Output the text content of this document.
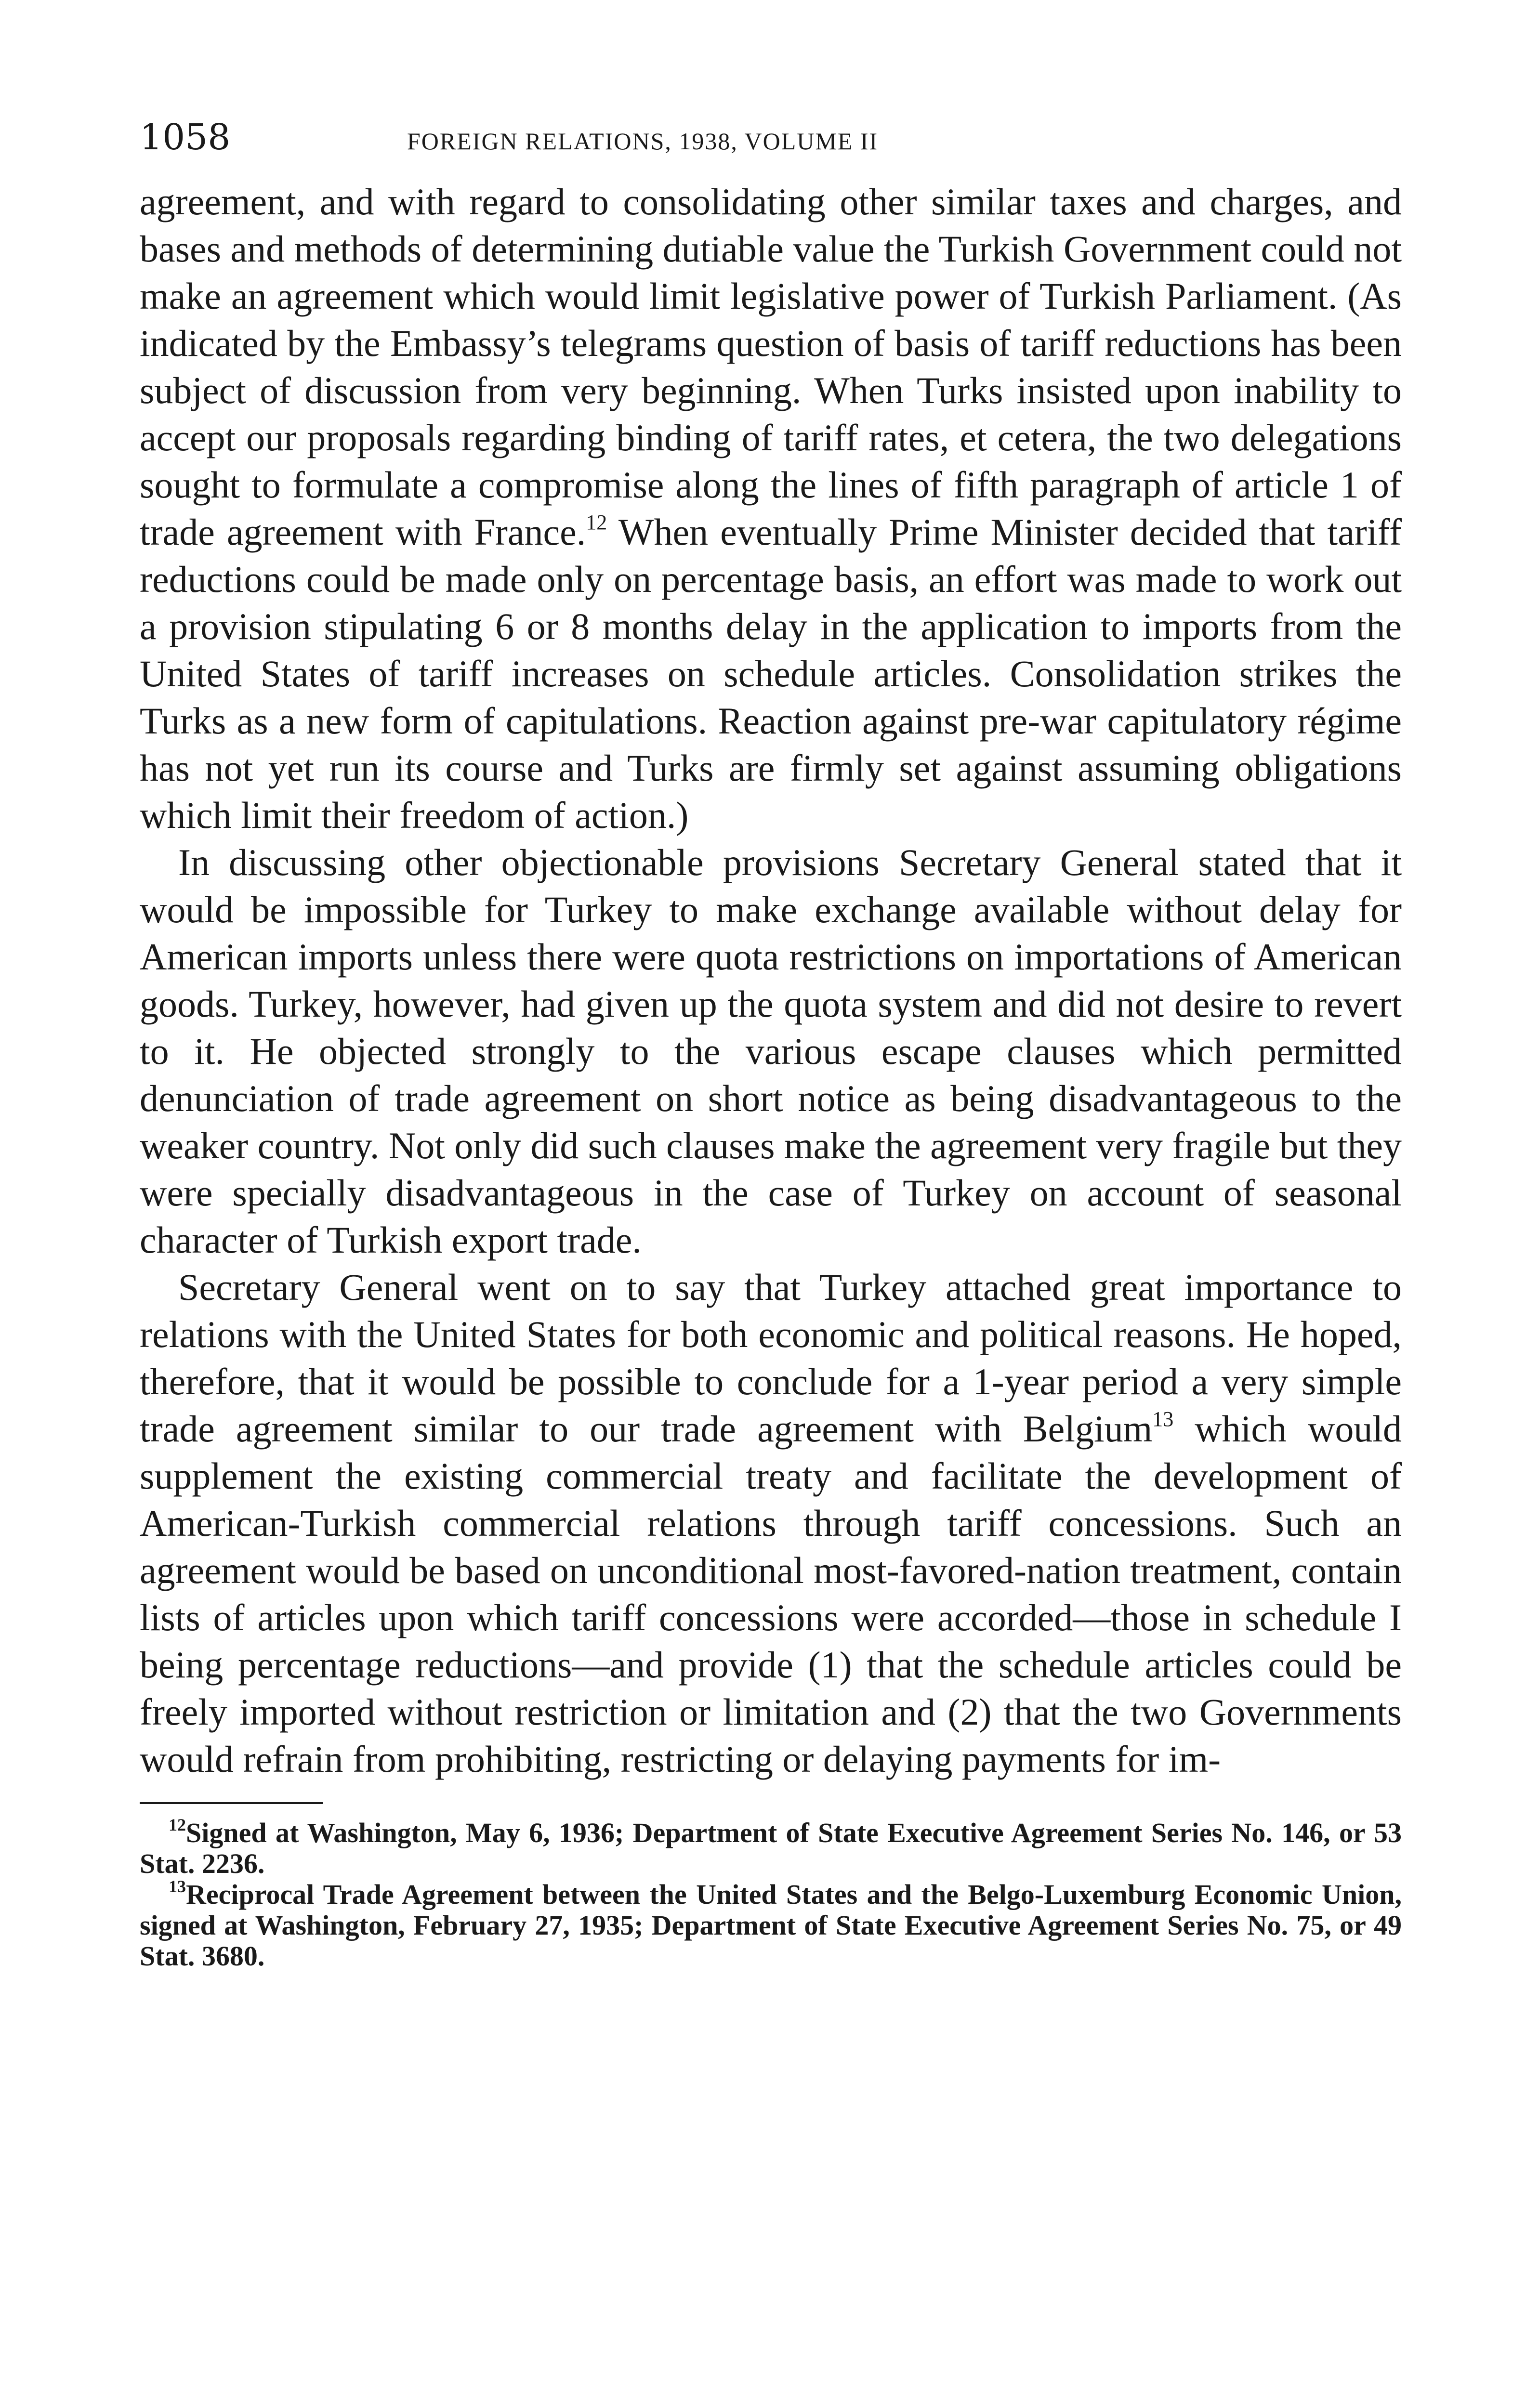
1058	FOREIGN RELATIONS, 1938, VOLUME II

agreement, and with regard to consolidating other similar taxes and charges, and bases and methods of determining dutiable value the Turkish Government could not make an agreement which would limit legislative power of Turkish Parliament. (As indicated by the Embassy’s telegrams question of basis of tariff reductions has been subject of discussion from very beginning. When Turks insisted upon inability to accept our proposals regarding binding of tariff rates, et cetera, the two delegations sought to formulate a compromise along the lines of fifth paragraph of article 1 of trade agreement with France.$^{12}$ When eventually Prime Minister decided that tariff reductions could be made only on percentage basis, an effort was made to work out a provision stipulating 6 or 8 months delay in the application to imports from the United States of tariff increases on schedule articles. Consolidation strikes the Turks as a new form of capitulations. Reaction against pre-war capitulatory régime has not yet run its course and Turks are firmly set against assuming obligations which limit their freedom of action.)

In discussing other objectionable provisions Secretary General stated that it would be impossible for Turkey to make exchange available without delay for American imports unless there were quota restrictions on importations of American goods. Turkey, however, had given up the quota system and did not desire to revert to it. He objected strongly to the various escape clauses which permitted denunciation of trade agreement on short notice as being disadvantageous to the weaker country. Not only did such clauses make the agreement very fragile but they were specially disadvantageous in the case of Turkey on account of seasonal character of Turkish export trade.

Secretary General went on to say that Turkey attached great importance to relations with the United States for both economic and political reasons. He hoped, therefore, that it would be possible to conclude for a 1-year period a very simple trade agreement similar to our trade agreement with Belgium$^{13}$ which would supplement the existing commercial treaty and facilitate the development of American-Turkish commercial relations through tariff concessions. Such an agreement would be based on unconditional most-favored-nation treatment, contain lists of articles upon which tariff concessions were accorded—those in schedule I being percentage reductions—and provide (1) that the schedule articles could be freely imported without restriction or limitation and (2) that the two Governments would refrain from prohibiting, restricting or delaying payments for im-

$^{12}$Signed at Washington, May 6, 1936; Department of State Executive Agreement Series No. 146, or 53 Stat. 2236.

$^{13}$Reciprocal Trade Agreement between the United States and the Belgo-Luxemburg Economic Union, signed at Washington, February 27, 1935; Department of State Executive Agreement Series No. 75, or 49 Stat. 3680.
